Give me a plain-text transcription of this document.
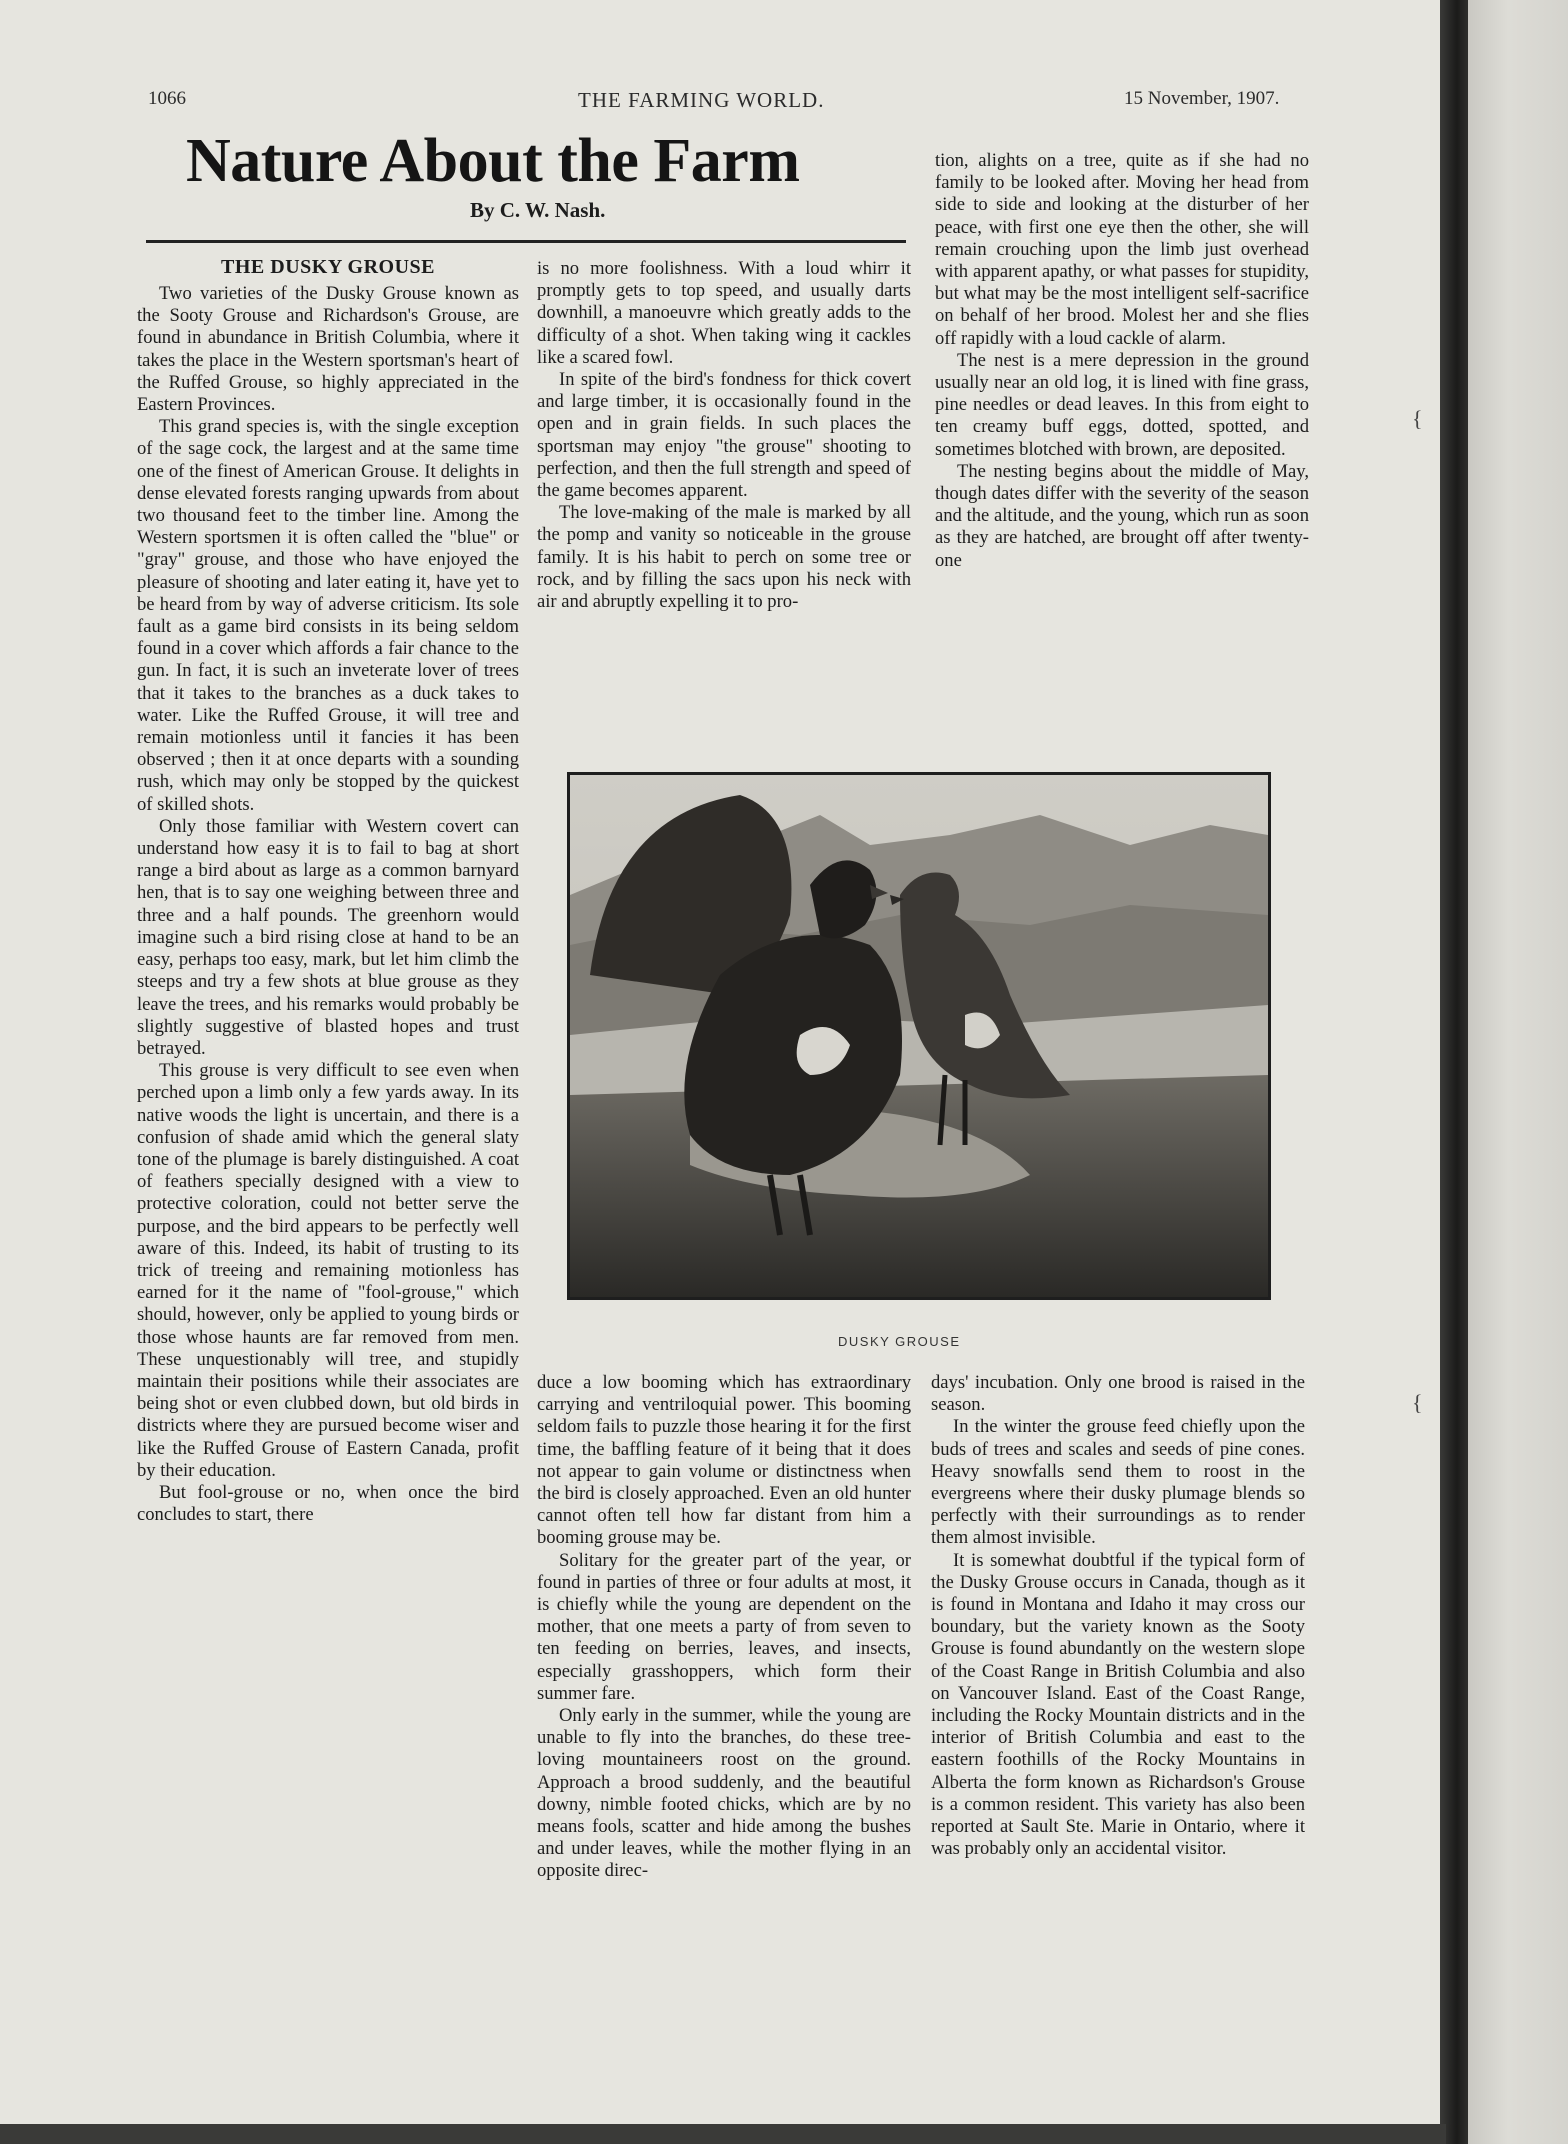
1066	THE FARMING WORLD.	15 November, 1907.
Nature About the Farm
By C. W. Nash.
THE DUSKY GROUSE

Two varieties of the Dusky Grouse known as the Sooty Grouse and Richardson's Grouse, are found in abundance in British Columbia, where it takes the place in the Western sportsman's heart of the Ruffed Grouse, so highly appreciated in the Eastern Provinces.

This grand species is, with the single exception of the sage cock, the largest and at the same time one of the finest of American Grouse. It delights in dense elevated forests ranging upwards from about two thousand feet to the timber line. Among the Western sportsmen it is often called the "blue" or "gray" grouse, and those who have enjoyed the pleasure of shooting and later eating it, have yet to be heard from by way of adverse criticism. Its sole fault as a game bird consists in its being seldom found in a cover which affords a fair chance to the gun. In fact, it is such an inveterate lover of trees that it takes to the branches as a duck takes to water. Like the Ruffed Grouse, it will tree and remain motionless until it fancies it has been observed ; then it at once departs with a sounding rush, which may only be stopped by the quickest of skilled shots.

Only those familiar with Western covert can understand how easy it is to fail to bag at short range a bird about as large as a common barnyard hen, that is to say one weighing between three and three and a half pounds. The greenhorn would imagine such a bird rising close at hand to be an easy, perhaps too easy, mark, but let him climb the steeps and try a few shots at blue grouse as they leave the trees, and his remarks would probably be slightly suggestive of blasted hopes and trust betrayed.

This grouse is very difficult to see even when perched upon a limb only a few yards away. In its native woods the light is uncertain, and there is a confusion of shade amid which the general slaty tone of the plumage is barely distinguished. A coat of feathers specially designed with a view to protective coloration, could not better serve the purpose, and the bird appears to be perfectly well aware of this. Indeed, its habit of trusting to its trick of treeing and remaining motionless has earned for it the name of "fool-grouse," which should, however, only be applied to young birds or those whose haunts are far removed from men. These unquestionably will tree, and stupidly maintain their positions while their associates are being shot or even clubbed down, but old birds in districts where they are pursued become wiser and like the Ruffed Grouse of Eastern Canada, profit by their education.

But fool-grouse or no, when once the bird concludes to start, there

is no more foolishness. With a loud whirr it promptly gets to top speed, and usually darts downhill, a manoeuvre which greatly adds to the difficulty of a shot. When taking wing it cackles like a scared fowl.

In spite of the bird's fondness for thick covert and large timber, it is occasionally found in the open and in grain fields. In such places the sportsman may enjoy "the grouse" shooting to perfection, and then the full strength and speed of the game becomes apparent.

The love-making of the male is marked by all the pomp and vanity so noticeable in the grouse family. It is his habit to perch on some tree or rock, and by filling the sacs upon his neck with air and abruptly expelling it to pro-

tion, alights on a tree, quite as if she had no family to be looked after. Moving her head from side to side and looking at the disturber of her peace, with first one eye then the other, she will remain crouching upon the limb just overhead with apparent apathy, or what passes for stupidity, but what may be the most intelligent self-sacrifice on behalf of her brood. Molest her and she flies off rapidly with a loud cackle of alarm.

The nest is a mere depression in the ground usually near an old log, it is lined with fine grass, pine needles or dead leaves. In this from eight to ten creamy buff eggs, dotted, spotted, and sometimes blotched with brown, are deposited.

The nesting begins about the middle of May, though dates differ with the severity of the season and the altitude, and the young, which run as soon as they are hatched, are brought off after twenty-one

DUSKY GROUSE

duce a low booming which has extraordinary carrying and ventriloquial power. This booming seldom fails to puzzle those hearing it for the first time, the baffling feature of it being that it does not appear to gain volume or distinctness when the bird is closely approached. Even an old hunter cannot often tell how far distant from him a booming grouse may be.

Solitary for the greater part of the year, or found in parties of three or four adults at most, it is chiefly while the young are dependent on the mother, that one meets a party of from seven to ten feeding on berries, leaves, and insects, especially grasshoppers, which form their summer fare.

Only early in the summer, while the young are unable to fly into the branches, do these tree-loving mountaineers roost on the ground. Approach a brood suddenly, and the beautiful downy, nimble footed chicks, which are by no means fools, scatter and hide among the bushes and under leaves, while the mother flying in an opposite direc-

days' incubation. Only one brood is raised in the season.

In the winter the grouse feed chiefly upon the buds of trees and scales and seeds of pine cones. Heavy snowfalls send them to roost in the evergreens where their dusky plumage blends so perfectly with their surroundings as to render them almost invisible.

It is somewhat doubtful if the typical form of the Dusky Grouse occurs in Canada, though as it is found in Montana and Idaho it may cross our boundary, but the variety known as the Sooty Grouse is found abundantly on the western slope of the Coast Range in British Columbia and also on Vancouver Island. East of the Coast Range, including the Rocky Mountain districts and in the interior of British Columbia and east to the eastern foothills of the Rocky Mountains in Alberta the form known as Richardson's Grouse is a common resident. This variety has also been reported at Sault Ste. Marie in Ontario, where it was probably only an accidental visitor.

{
{
